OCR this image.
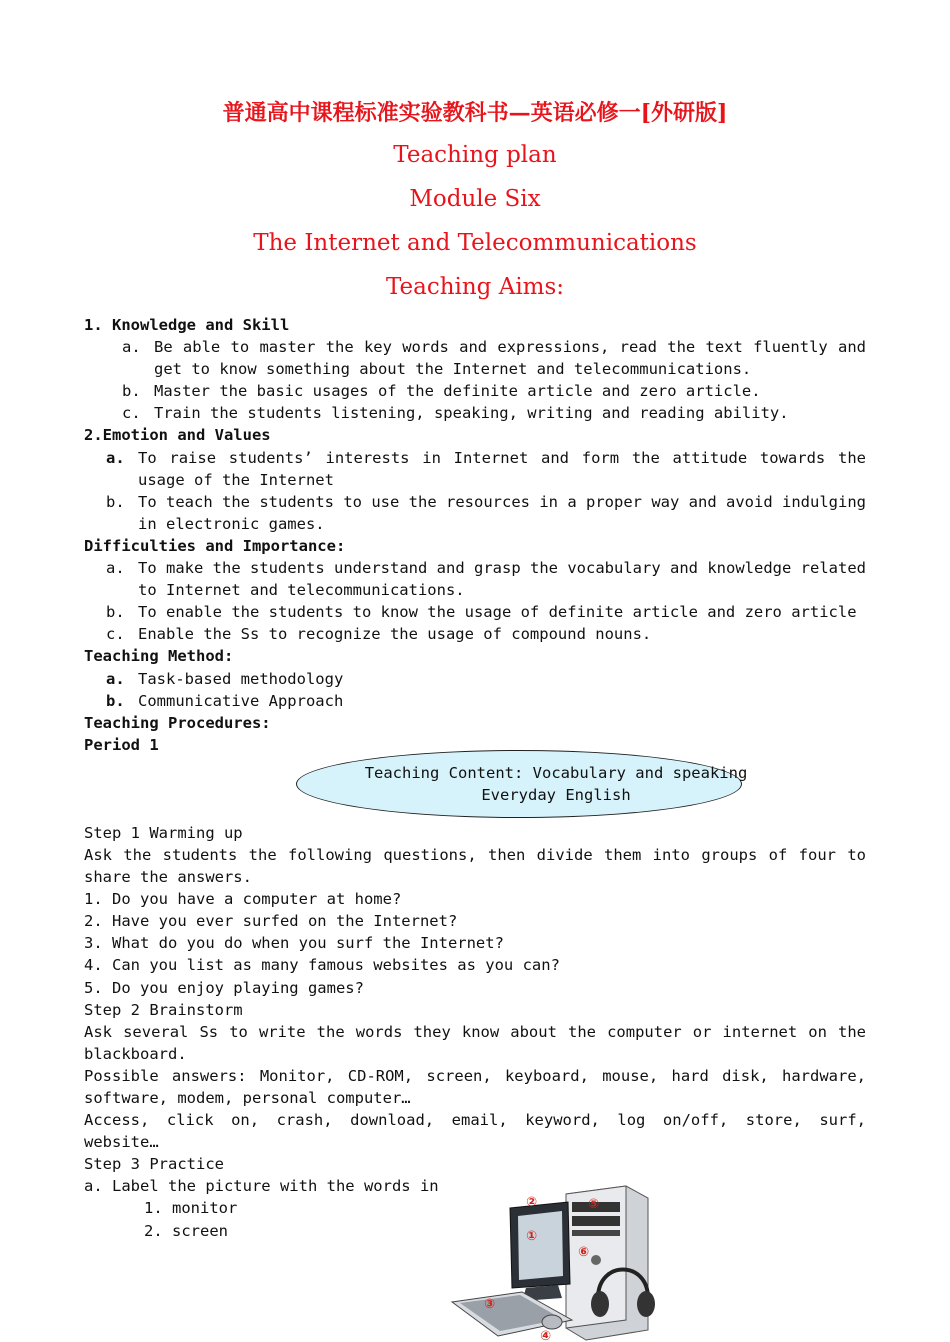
普通高中课程标准实验教科书—英语必修一[外研版]
Teaching plan
Module Six
The Internet and Telecommunications
Teaching Aims:
1. Knowledge and Skill
a. Be able to master the key words and expressions, read the text fluently and get to know something about the Internet and telecommunications.
b. Master the basic usages of the definite article and zero article.
c. Train the students listening, speaking, writing and reading ability.
2.Emotion and Values
a. To raise students’ interests in Internet and form the attitude towards the usage of the Internet
b. To teach the students to use the resources in a proper way and avoid indulging in electronic games.
Difficulties and Importance:
a. To make the students understand and grasp the vocabulary and knowledge related to Internet and telecommunications.
b. To enable the students to know the usage of definite article and zero article
c. Enable the Ss to recognize the usage of compound nouns.
Teaching Method:
a. Task-based methodology
b. Communicative Approach
Teaching Procedures:
Period 1
Teaching Content: Vocabulary and speaking
Everyday English
Step 1 Warming up
Ask the students the following questions, then divide them into groups of four to share the answers.
1. Do you have a computer at home?
2. Have you ever surfed on the Internet?
3. What do you do when you surf the Internet?
4. Can you list as many famous websites as you can?
5. Do you enjoy playing games?
Step 2 Brainstorm
Ask several Ss to write the words they know about the computer or internet on the blackboard.
Possible answers: Monitor, CD-ROM, screen, keyboard, mouse, hard disk, hardware, software, modem, personal computer…
Access, click on, crash, download, email, keyword, log on/off, store, surf, website…
Step 3 Practice
a. Label the picture with the words in
1. monitor
2. screen	①
②
③
④
⑤
⑥
